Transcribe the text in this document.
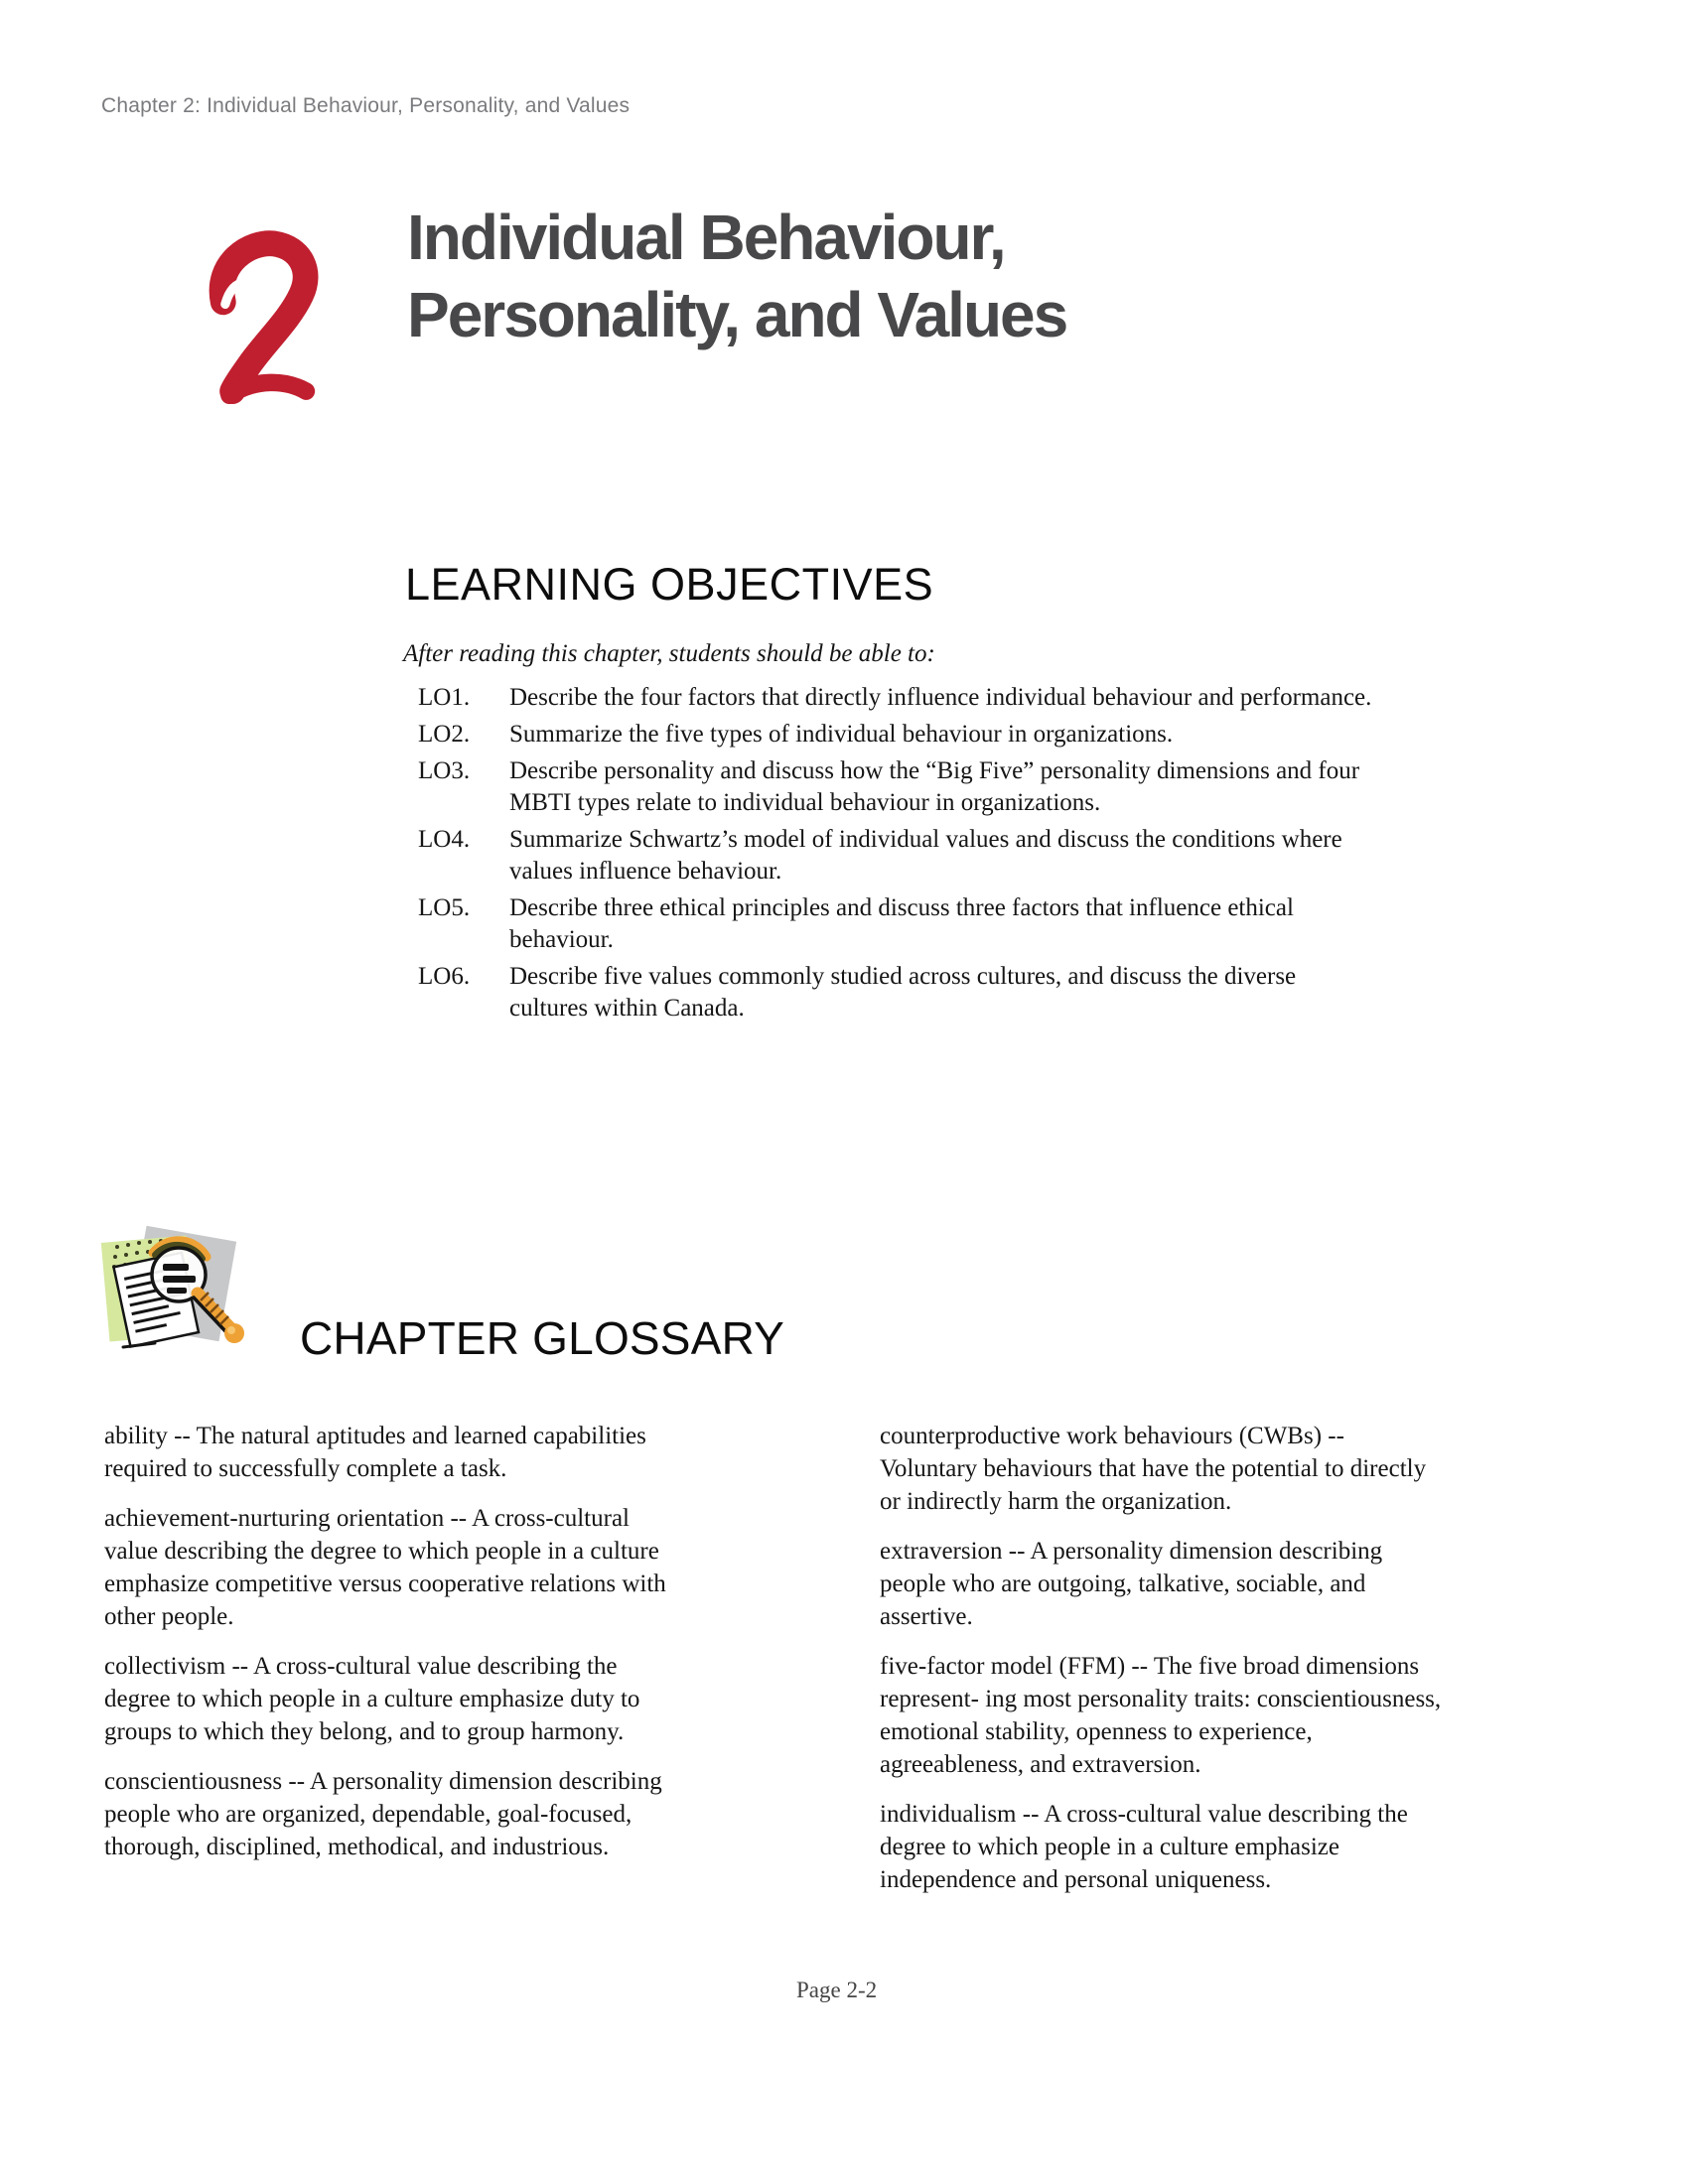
Chapter 2: Individual Behaviour, Personality, and Values
Individual Behaviour,
Personality, and Values
LEARNING OBJECTIVES

After reading this chapter, students should be able to:

LO1.	Describe the four factors that directly influence individual behaviour and performance.
LO2.	Summarize the five types of individual behaviour in organizations.
LO3.	Describe personality and discuss how the “Big Five” personality dimensions and four
MBTI types relate to individual behaviour in organizations.
LO4.	Summarize Schwartz’s model of individual values and discuss the conditions where
values influence behaviour.
LO5.	Describe three ethical principles and discuss three factors that influence ethical
behaviour.
LO6.	Describe five values commonly studied across cultures, and discuss the diverse
cultures within Canada.
CHAPTER GLOSSARY

ability -- The natural aptitudes and learned capabilities
required to successfully complete a task.

achievement-nurturing orientation -- A cross-cultural
value describing the degree to which people in a culture
emphasize competitive versus cooperative relations with
other people.

collectivism -- A cross-cultural value describing the
degree to which people in a culture emphasize duty to
groups to which they belong, and to group harmony.

conscientiousness -- A personality dimension describing
people who are organized, dependable, goal-focused,
thorough, disciplined, methodical, and industrious.

counterproductive work behaviours (CWBs) --
Voluntary behaviours that have the potential to directly
or indirectly harm the organization.

extraversion -- A personality dimension describing
people who are outgoing, talkative, sociable, and
assertive.

five-factor model (FFM) -- The five broad dimensions
represent- ing most personality traits: conscientiousness,
emotional stability, openness to experience,
agreeableness, and extraversion.

individualism -- A cross-cultural value describing the
degree to which people in a culture emphasize
independence and personal uniqueness.

Page 2-2
